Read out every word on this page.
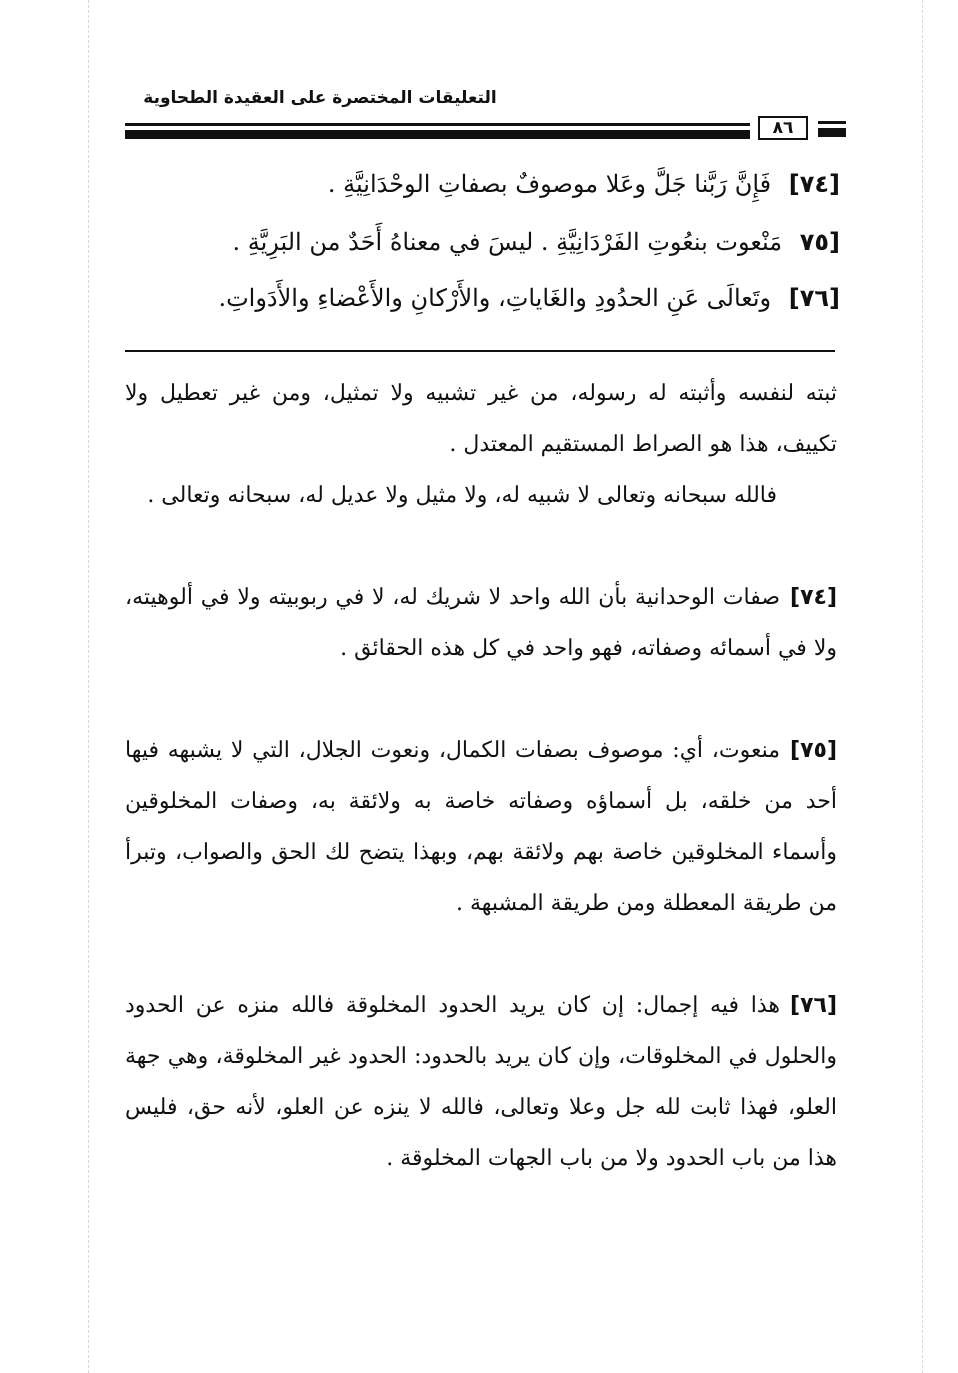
التعليقات المختصرة على العقيدة الطحاوية
٨٦
[٧٤] فَإِنَّ رَبَّنا جَلَّ وعَلا موصوفٌ بصفاتِ الوحْدَانِيَّةِ .
[٧٥ مَنْعوت بنعُوتِ الفَرْدَانِيَّةِ . ليسَ في معناهُ أَحَدٌ من البَرِيَّةِ .
[٧٦] وتَعالَى عَنِ الحدُودِ والغَاياتِ، والأَرْكانِ والأَعْضاءِ والأَدَواتِ.

ثبته لنفسه وأثبته له رسوله، من غير تشبيه ولا تمثيل، ومن غير تعطيل ولا تكييف، هذا هو الصراط المستقيم المعتدل .

فالله سبحانه وتعالى لا شبيه له، ولا مثيل ولا عديل له، سبحانه وتعالى .

[٧٤]صفات الوحدانية بأن الله واحد لا شريك له، لا في ربوبيته ولا في ألوهيته، ولا في أسمائه وصفاته، فهو واحد في كل هذه الحقائق .

[٧٥]منعوت، أي: موصوف بصفات الكمال، ونعوت الجلال، التي لا يشبهه فيها أحد من خلقه، بل أسماؤه وصفاته خاصة به ولائقة به، وصفات المخلوقين وأسماء المخلوقين خاصة بهم ولائقة بهم، وبهذا يتضح لك الحق والصواب، وتبرأ من طريقة المعطلة ومن طريقة المشبهة .

[٧٦]هذا فيه إجمال: إن كان يريد الحدود المخلوقة فالله منزه عن الحدود والحلول في المخلوقات، وإن كان يريد بالحدود: الحدود غير المخلوقة، وهي جهة العلو، فهذا ثابت لله جل وعلا وتعالى، فالله لا ينزه عن العلو، لأنه حق، فليس هذا من باب الحدود ولا من باب الجهات المخلوقة .
